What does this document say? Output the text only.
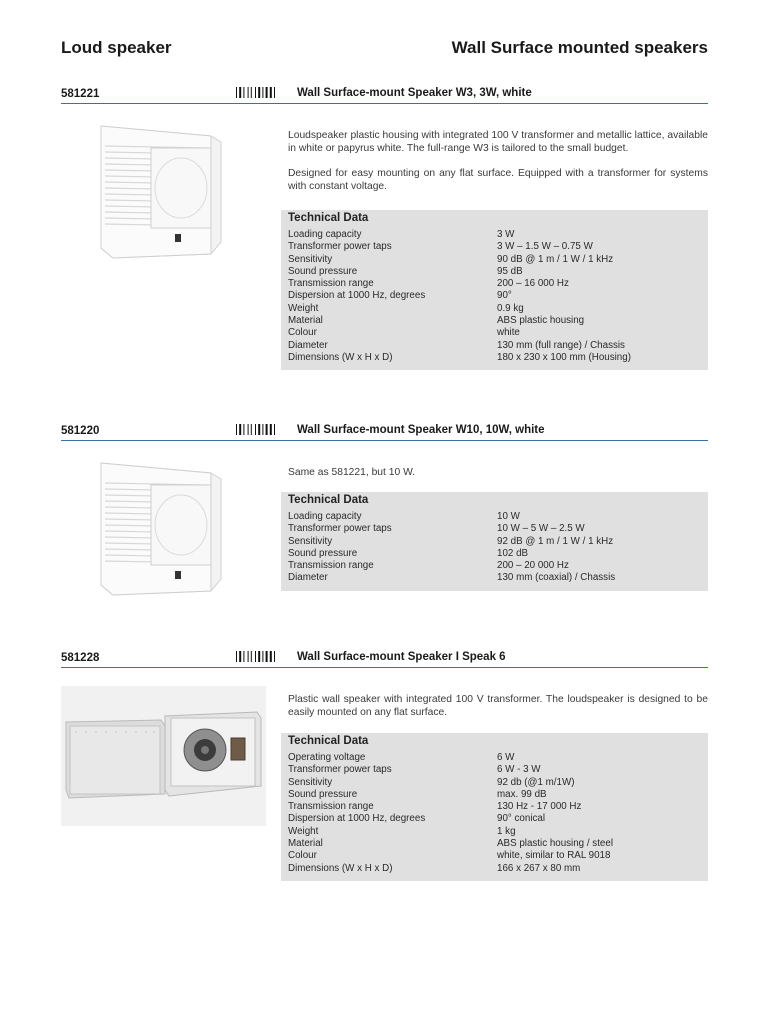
Loud speaker	Wall Surface mounted speakers
581221	Wall Surface-mount Speaker W3, 3W, white

Loudspeaker plastic housing with integrated 100 V transformer and metallic lattice, available in white or papyrus white. The full-range W3 is tailored to the small budget.

Designed for easy mounting on any flat surface. Equipped with a transformer for systems with constant voltage.

Technical Data
Loading capacity	3 W
Transformer power taps	3 W – 1.5 W – 0.75 W
Sensitivity	90 dB @ 1 m / 1 W / 1 kHz
Sound pressure	95 dB
Transmission range	200 – 16 000 Hz
Dispersion at 1000 Hz, degrees	90°
Weight	0.9 kg
Material	ABS plastic housing
Colour	white
Diameter	130 mm (full range) / Chassis
Dimensions (W x H x D)	180 x 230 x 100 mm (Housing)
581220	Wall Surface-mount Speaker W10, 10W, white

Same as 581221, but 10 W.

Technical Data
Loading capacity	10 W
Transformer power taps	10 W – 5 W – 2.5 W
Sensitivity	92 dB @ 1 m / 1 W / 1 kHz
Sound pressure	102 dB
Transmission range	200 – 20 000 Hz
Diameter	130 mm (coaxial) / Chassis
581228	Wall Surface-mount Speaker I Speak 6

Plastic wall speaker with integrated 100 V transformer. The loudspeaker is designed to be easily mounted on any flat surface.

Technical Data
Operating voltage	6 W
Transformer power taps	6 W - 3 W
Sensitivity	92 db (@1 m/1W)
Sound pressure	max. 99 dB
Transmission range	130 Hz - 17 000 Hz
Dispersion at 1000 Hz, degrees	90° conical
Weight	1 kg
Material	ABS plastic housing / steel
Colour	white, similar to RAL 9018
Dimensions (W x H x D)	166 x 267 x 80 mm
